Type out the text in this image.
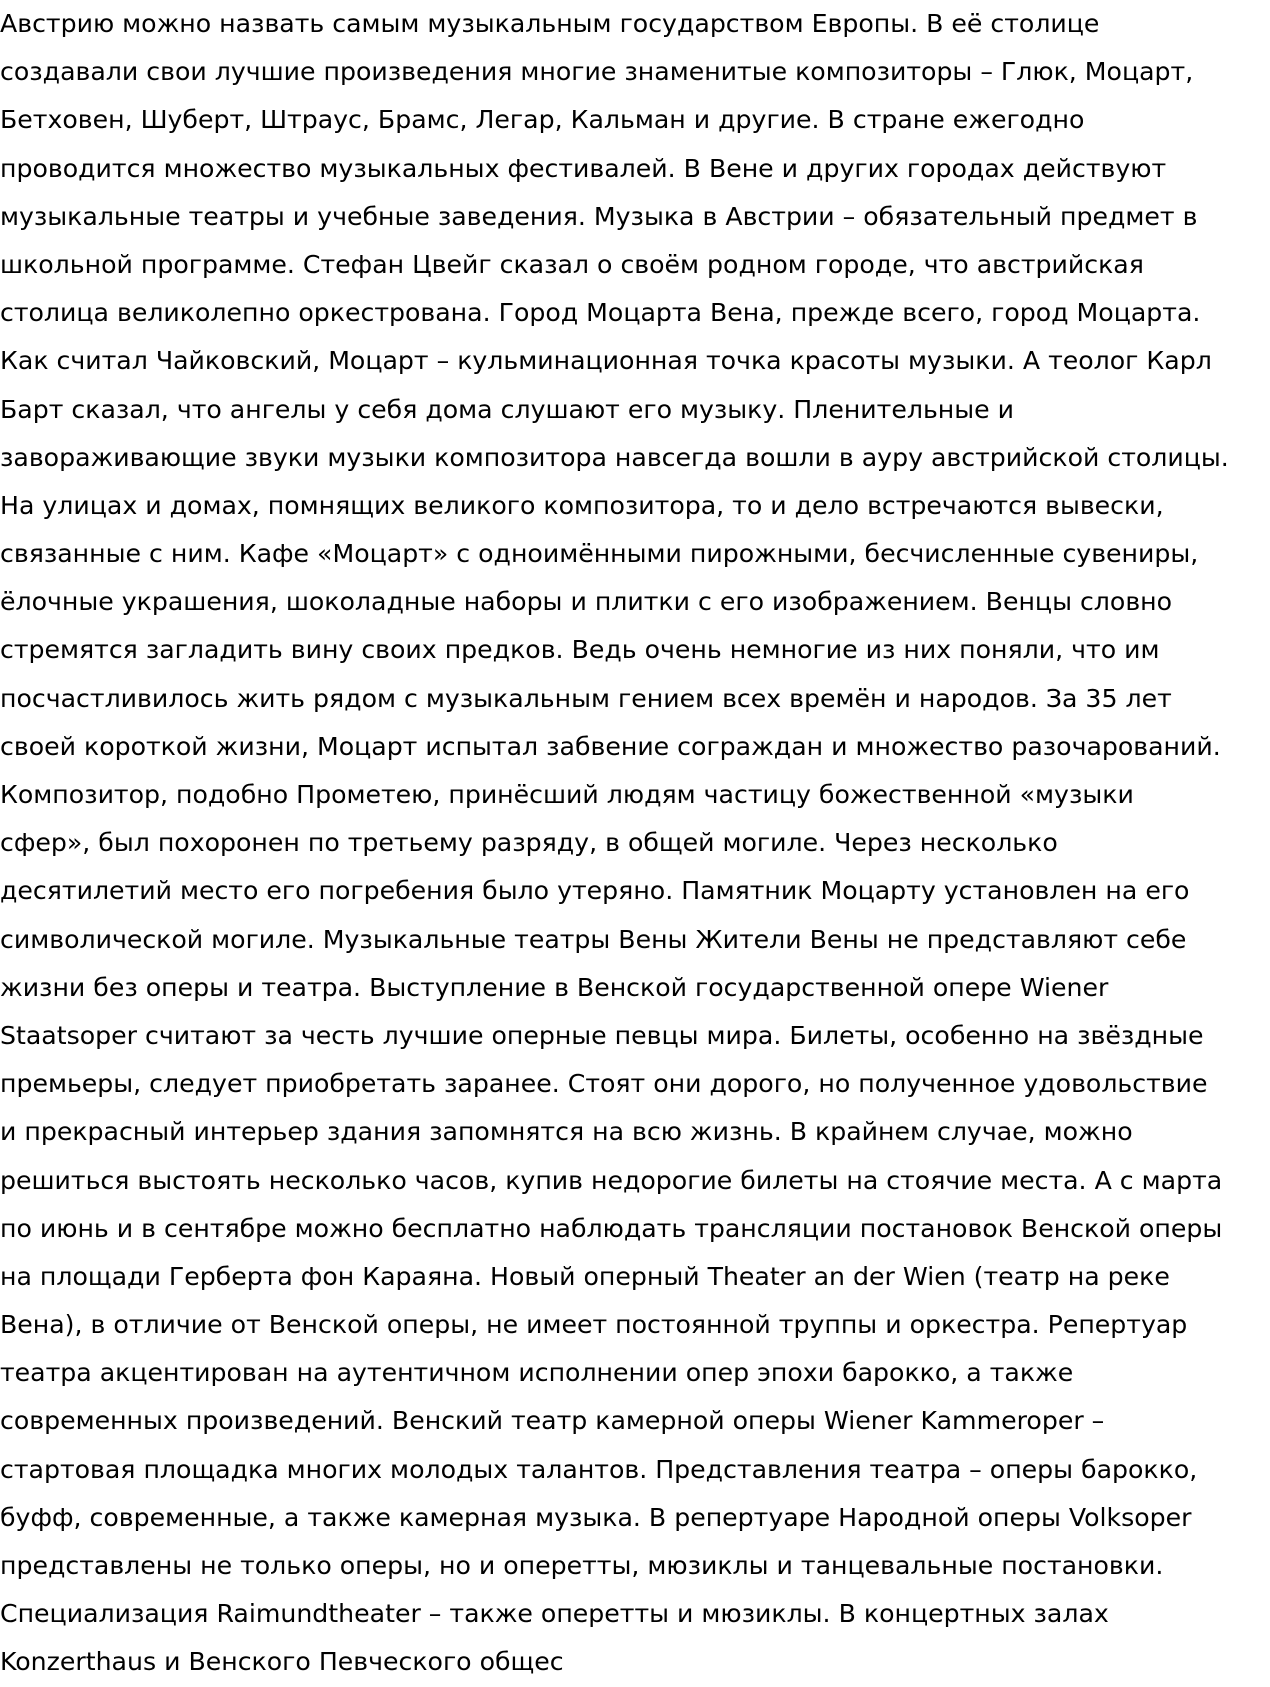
Австрию можно назвать самым музыкальным государством Европы. В её столице
создавали свои лучшие произведения многие знаменитые композиторы – Глюк, Моцарт,
Бетховен, Шуберт, Штраус, Брамс, Легар, Кальман и другие. В стране ежегодно
проводится множество музыкальных фестивалей. В Вене и других городах действуют
музыкальные театры и учебные заведения. Музыка в Австрии – обязательный предмет в
школьной программе. Стефан Цвейг сказал о своём родном городе, что австрийская
столица великолепно оркестрована. Город Моцарта Вена, прежде всего, город Моцарта.
Как считал Чайковский, Моцарт – кульминационная точка красоты музыки. А теолог Карл
Барт сказал, что ангелы у себя дома слушают его музыку. Пленительные и
завораживающие звуки музыки композитора навсегда вошли в ауру австрийской столицы.
На улицах и домах, помнящих великого композитора, то и дело встречаются вывески,
связанные с ним. Кафе «Моцарт» с одноимёнными пирожными, бесчисленные сувениры,
ёлочные украшения, шоколадные наборы и плитки с его изображением. Венцы словно
стремятся загладить вину своих предков. Ведь очень немногие из них поняли, что им
посчастливилось жить рядом с музыкальным гением всех времён и народов. За 35 лет
своей короткой жизни, Моцарт испытал забвение сограждан и множество разочарований.
Композитор, подобно Прометею, принёсший людям частицу божественной «музыки
сфер», был похоронен по третьему разряду, в общей могиле. Через несколько
десятилетий место его погребения было утеряно. Памятник Моцарту установлен на его
символической могиле. Музыкальные театры Вены Жители Вены не представляют себе
жизни без оперы и театра. Выступление в Венской государственной опере Wiener
Staatsoper считают за честь лучшие оперные певцы мира. Билеты, особенно на звёздные
премьеры, следует приобретать заранее. Стоят они дорого, но полученное удовольствие
и прекрасный интерьер здания запомнятся на всю жизнь. В крайнем случае, можно
решиться выстоять несколько часов, купив недорогие билеты на стоячие места. А с марта
по июнь и в сентябре можно бесплатно наблюдать трансляции постановок Венской оперы
на площади Герберта фон Караяна. Новый оперный Theater an der Wien (театр на реке
Вена), в отличие от Венской оперы, не имеет постоянной труппы и оркестра. Репертуар
театра акцентирован на аутентичном исполнении опер эпохи барокко, а также
современных произведений. Венский театр камерной оперы Wiener Kammeroper –
стартовая площадка многих молодых талантов. Представления театра – оперы барокко,
буфф, современные, а также камерная музыка. В репертуаре Народной оперы Volksoper
представлены не только оперы, но и оперетты, мюзиклы и танцевальные постановки.
Специализация Raimundtheater – также оперетты и мюзиклы. В концертных залах
Konzerthaus и Венского Певческого общес
